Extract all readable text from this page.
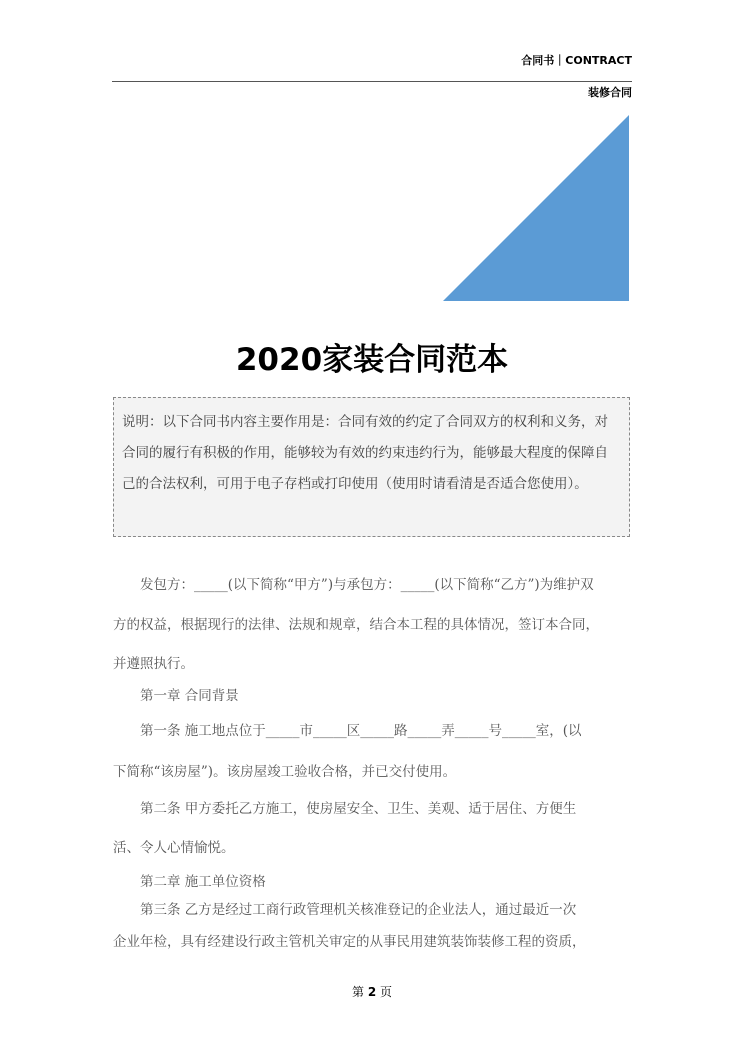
合同书｜CONTRACT
装修合同
2020家装合同范本
说明：以下合同书内容主要作用是：合同有效的约定了合同双方的权利和义务，对合同的履行有积极的作用，能够较为有效的约束违约行为，能够最大程度的保障自己的合法权利，可用于电子存档或打印使用（使用时请看清是否适合您使用）。
　　发包方：_____(以下简称“甲方”)与承包方：_____(以下简称“乙方”)为维护双
方的权益，根据现行的法律、法规和规章，结合本工程的具体情况，签订本合同，
并遵照执行。
　　第一章 合同背景
　　第一条 施工地点位于_____市_____区_____路_____弄_____号_____室，(以
下简称“该房屋”)。该房屋竣工验收合格，并已交付使用。
　　第二条 甲方委托乙方施工，使房屋安全、卫生、美观、适于居住、方便生
活、令人心情愉悦。
　　第二章 施工单位资格
　　第三条 乙方是经过工商行政管理机关核准登记的企业法人，通过最近一次
企业年检，具有经建设行政主管机关审定的从事民用建筑装饰装修工程的资质，
第 2 页
